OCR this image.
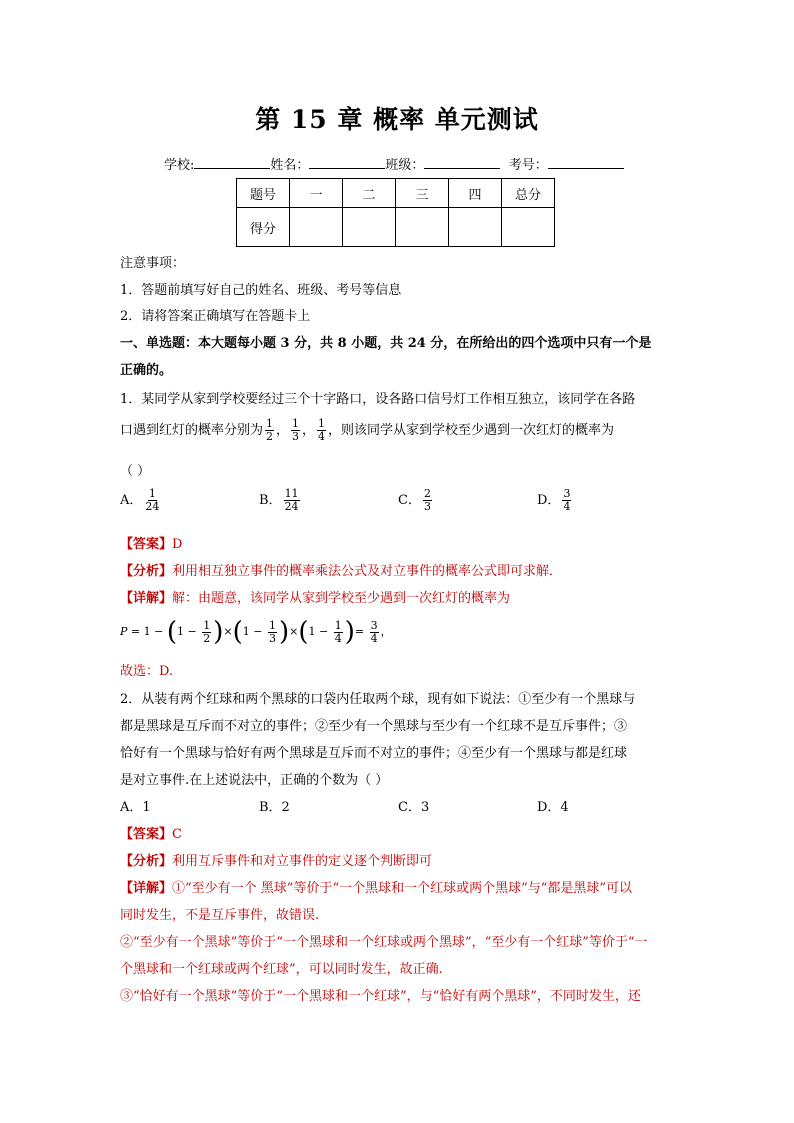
第 15 章 概率 单元测试
学校:	姓名：	班级：	考号：
题号	一	二	三	四	总分
得分					
注意事项：
1．答题前填写好自己的姓名、班级、考号等信息
2．请将答案正确填写在答题卡上
一、单选题：本大题每小题 3 分，共 8 小题，共 24 分，在所给出的四个选项中只有一个是
正确的。
1．某同学从家到学校要经过三个十字路口，设各路口信号灯工作相互独立，该同学在各路
口遇到红灯的概率分别为 $\frac{1}{2}$ ， $\frac{1}{3}$ ， $\frac{1}{4}$ ，则该同学从家到学校至少遇到一次红灯的概率为
（ ）
A． $\frac{1}{24}$	B． $\frac{11}{24}$	C． $\frac{2}{3}$	D． $\frac{3}{4}$
【答案】D
【分析】利用相互独立事件的概率乘法公式及对立事件的概率公式即可求解．
【详解】解：由题意，该同学从家到学校至少遇到一次红灯的概率为
$P = 1 - (1 - \frac{1}{2} )\times(1 - \frac{1}{3} )\times(1 - \frac{1}{4}$ )= $\frac{3}{4}$ ，
故选：D.
2．从装有两个红球和两个黑球的口袋内任取两个球，现有如下说法：①至少有一个黑球与
都是黑球是互斥而不对立的事件；②至少有一个黑球与至少有一个红球不是互斥事件；③
恰好有一个黑球与恰好有两个黑球是互斥而不对立的事件；④至少有一个黑球与都是红球
是对立事件.在上述说法中，正确的个数为（ ）
A．1	B．2	C．3	D．4
【答案】C
【分析】利用互斥事件和对立事件的定义逐个判断即可
【详解】①“至少有一个 黑球”等价于“一个黑球和一个红球或两个黑球”与“都是黑球”可以
同时发生，不是互斥事件，故错误.
②“至少有一个黑球”等价于“一个黑球和一个红球或两个黑球”，“至少有一个红球”等价于“一
个黑球和一个红球或两个红球”，可以同时发生，故正确.
③“恰好有一个黑球”等价于“一个黑球和一个红球”，与“恰好有两个黑球”，不同时发生，还
